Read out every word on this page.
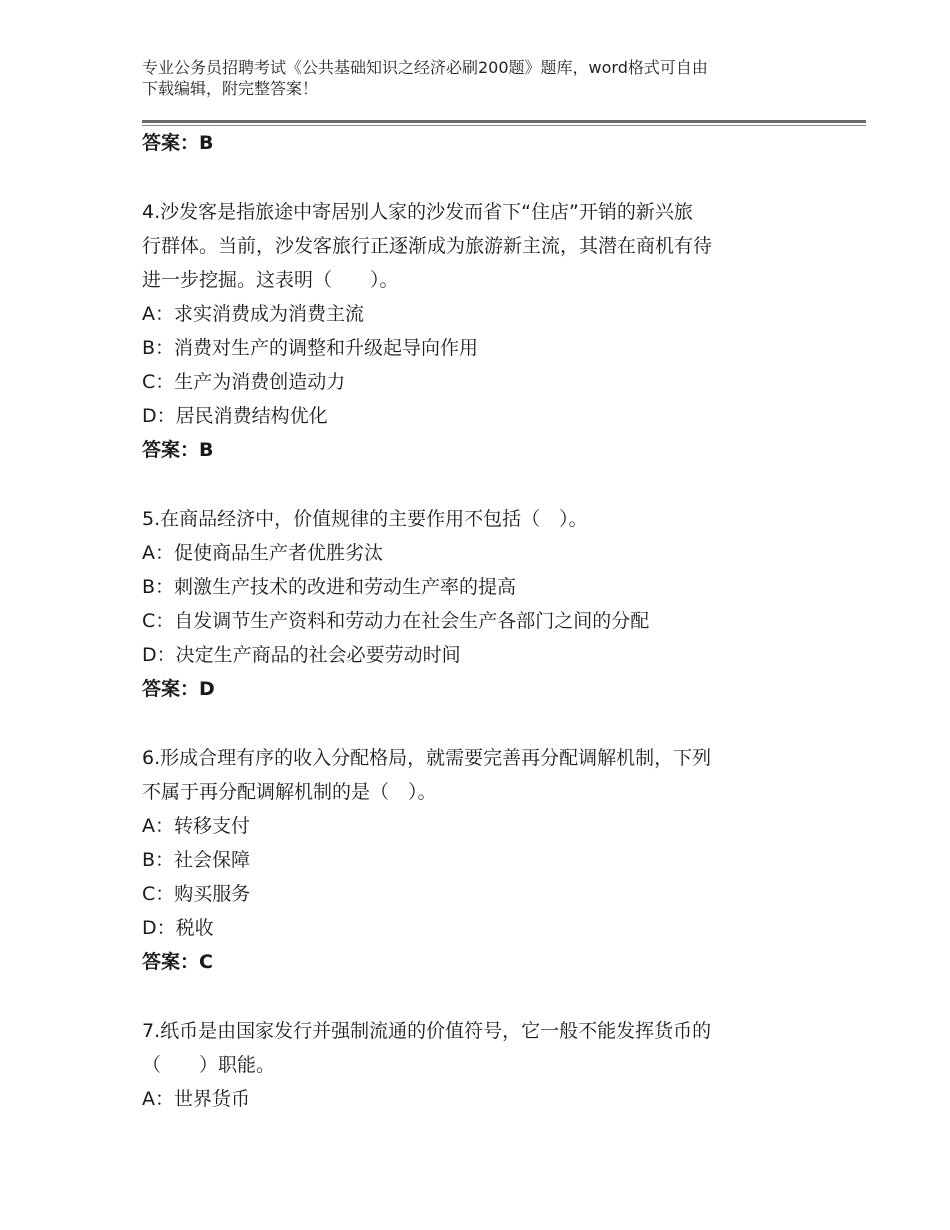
专业公务员招聘考试《公共基础知识之经济必刷200题》题库，word格式可自由
下载编辑，附完整答案！
答案：B
4.沙发客是指旅途中寄居别人家的沙发而省下“住店”开销的新兴旅
行群体。当前，沙发客旅行正逐渐成为旅游新主流，其潜在商机有待
进一步挖掘。这表明（　　）。
A：求实消费成为消费主流
B：消费对生产的调整和升级起导向作用
C：生产为消费创造动力
D：居民消费结构优化
答案：B
5.在商品经济中，价值规律的主要作用不包括（　）。
A：促使商品生产者优胜劣汰
B：刺激生产技术的改进和劳动生产率的提高
C：自发调节生产资料和劳动力在社会生产各部门之间的分配
D：决定生产商品的社会必要劳动时间
答案：D
6.形成合理有序的收入分配格局，就需要完善再分配调解机制，下列
不属于再分配调解机制的是（　）。
A：转移支付
B：社会保障
C：购买服务
D：税收
答案：C
7.纸币是由国家发行并强制流通的价值符号，它一般不能发挥货币的
（　　）职能。
A：世界货币
